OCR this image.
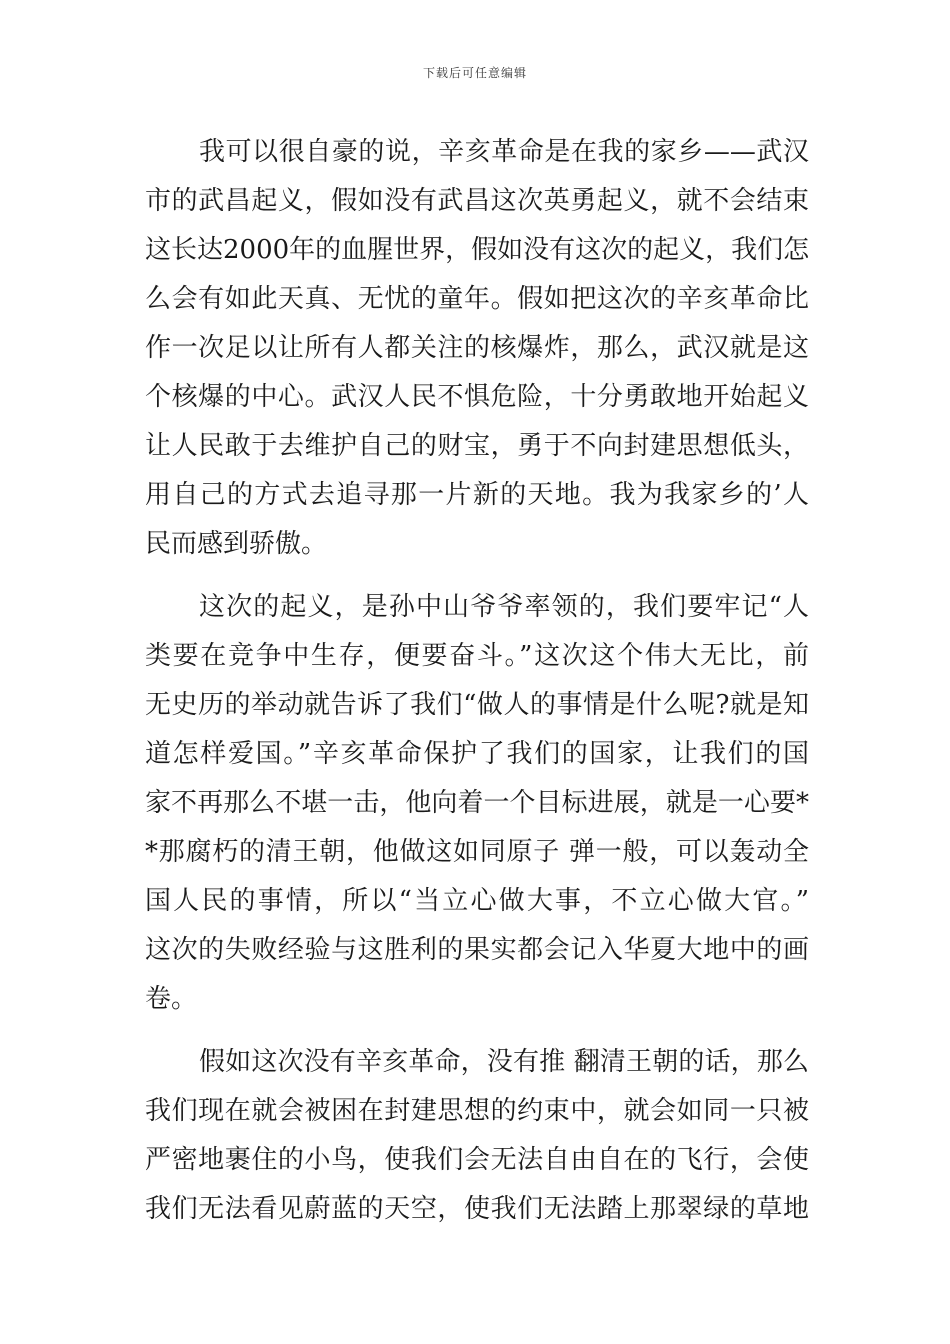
下载后可任意编辑
我可以很自豪的说，辛亥革命是在我的家乡——武汉
市的武昌起义，假如没有武昌这次英勇起义，就不会结束
这长达2000年的血腥世界，假如没有这次的起义，我们怎
么会有如此天真、无忧的童年。假如把这次的辛亥革命比
作一次足以让所有人都关注的核爆炸，那么，武汉就是这
个核爆的中心。武汉人民不惧危险，十分勇敢地开始起义
让人民敢于去维护自己的财宝，勇于不向封建思想低头，
用自己的方式去追寻那一片新的天地。我为我家乡的’人
民而感到骄傲。
这次的起义，是孙中山爷爷率领的，我们要牢记“人
类要在竞争中生存，便要奋斗。”这次这个伟大无比，前
无史历的举动就告诉了我们“做人的事情是什么呢?就是知
道怎样爱国。”辛亥革命保护了我们的国家，让我们的国
家不再那么不堪一击，他向着一个目标进展，就是一心要*
*那腐朽的清王朝，他做这如同原子 弹一般，可以轰动全
国人民的事情，所以“当立心做大事，不立心做大官。”
这次的失败经验与这胜利的果实都会记入华夏大地中的画
卷。
假如这次没有辛亥革命，没有推 翻清王朝的话，那么
我们现在就会被困在封建思想的约束中，就会如同一只被
严密地裹住的小鸟，使我们会无法自由自在的飞行，会使
我们无法看见蔚蓝的天空，使我们无法踏上那翠绿的草地
